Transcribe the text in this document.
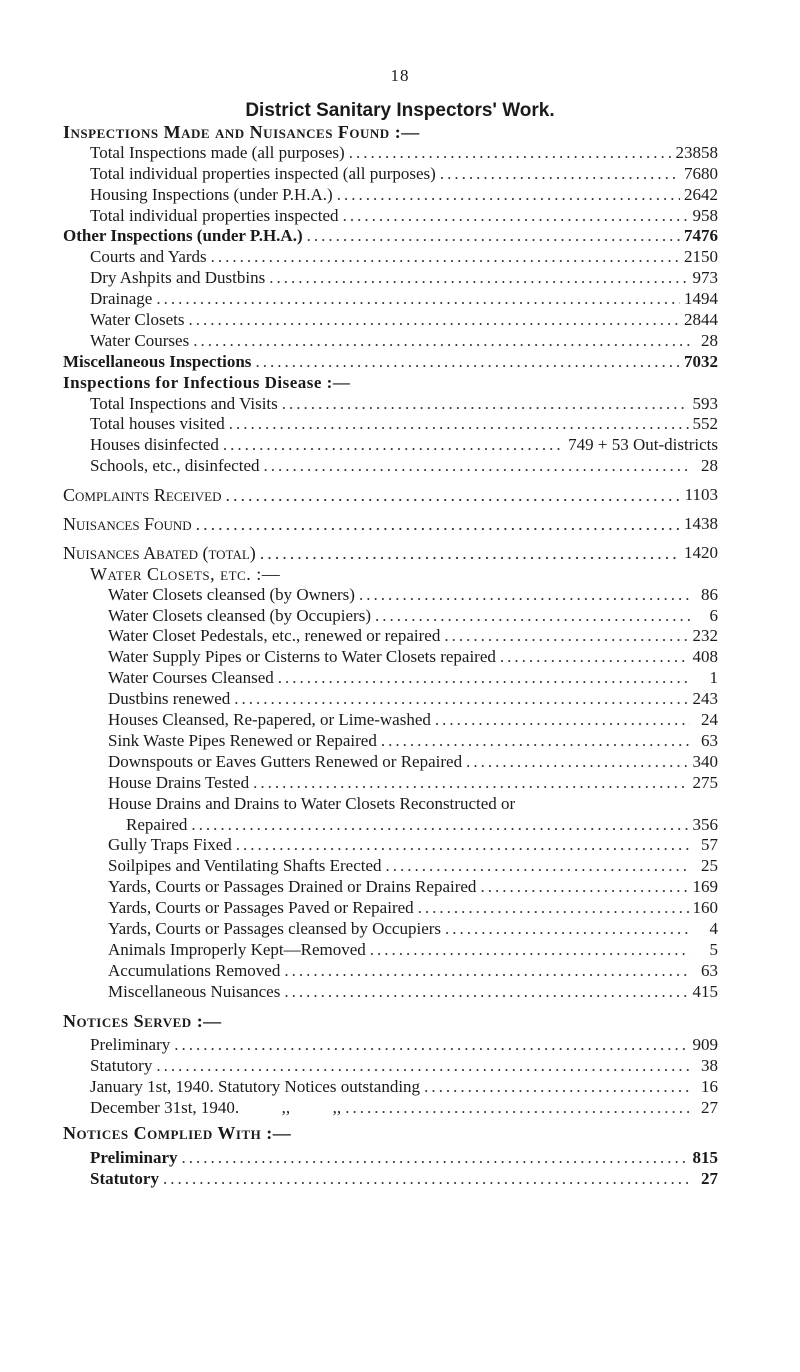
18
District Sanitary Inspectors' Work.
Inspections Made and Nuisances Found :—
Total Inspections made (all purposes) .....	23858
Total individual properties inspected (all purposes) .....	7680
Housing Inspections (under P.H.A.) .....	2642
Total individual properties inspected .....	958
Other Inspections (under P.H.A.) .....	7476
Courts and Yards .....	2150
Dry Ashpits and Dustbins .....	973
Drainage .....	1494
Water Closets .....	2844
Water Courses .....	28
Miscellaneous Inspections .....	7032
Inspections for Infectious Disease :—
Total Inspections and Visits .....	593
Total houses visited .....	552
Houses disinfected .....	749 + 53 Out-districts
Schools, etc., disinfected .....	28
Complaints Received .....	1103
Nuisances Found .....	1438
Nuisances Abated (total) .....	1420
Water Closets, etc. :—
Water Closets cleansed (by Owners) .....	86
Water Closets cleansed (by Occupiers) .....	6
Water Closet Pedestals, etc., renewed or repaired .....	232
Water Supply Pipes or Cisterns to Water Closets repaired .....	408
Water Courses Cleansed .....	1
Dustbins renewed .....	243
Houses Cleansed, Re-papered, or Lime-washed .....	24
Sink Waste Pipes Renewed or Repaired .....	63
Downspouts or Eaves Gutters Renewed or Repaired .....	340
House Drains Tested .....	275
House Drains and Drains to Water Closets Reconstructed or
Repaired .....	356
Gully Traps Fixed .....	57
Soilpipes and Ventilating Shafts Erected .....	25
Yards, Courts or Passages Drained or Drains Repaired .....	169
Yards, Courts or Passages Paved or Repaired .....	160
Yards, Courts or Passages cleansed by Occupiers .....	4
Animals Improperly Kept—Removed .....	5
Accumulations Removed .....	63
Miscellaneous Nuisances .....	415
Notices Served :—
Preliminary .....	909
Statutory .....	38
January 1st, 1940. Statutory Notices outstanding .....	16
December 31st, 1940.          ,,          ,, .....	27
Notices Complied With :—
Preliminary .....	815
Statutory .....	27
